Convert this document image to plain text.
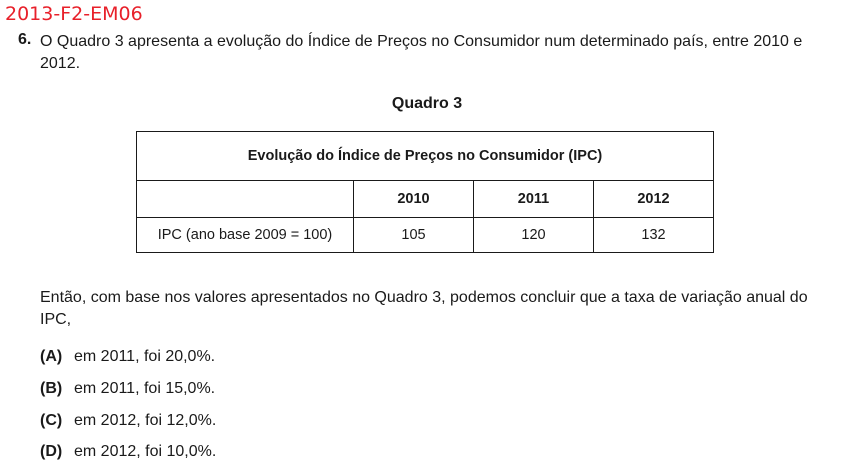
2013-F2-EM06
6. O Quadro 3 apresenta a evolução do Índice de Preços no Consumidor num determinado país, entre 2010 e 2012.
Quadro 3
Evolução do Índice de Preços no Consumidor (IPC)			
	2010	2011	2012
IPC (ano base 2009 = 100)	105	120	132
Então, com base nos valores apresentados no Quadro 3, podemos concluir que a taxa de variação anual do IPC,
(A) em 2011, foi 20,0%.
(B) em 2011, foi 15,0%.
(C) em 2012, foi 12,0%.
(D) em 2012, foi 10,0%.
